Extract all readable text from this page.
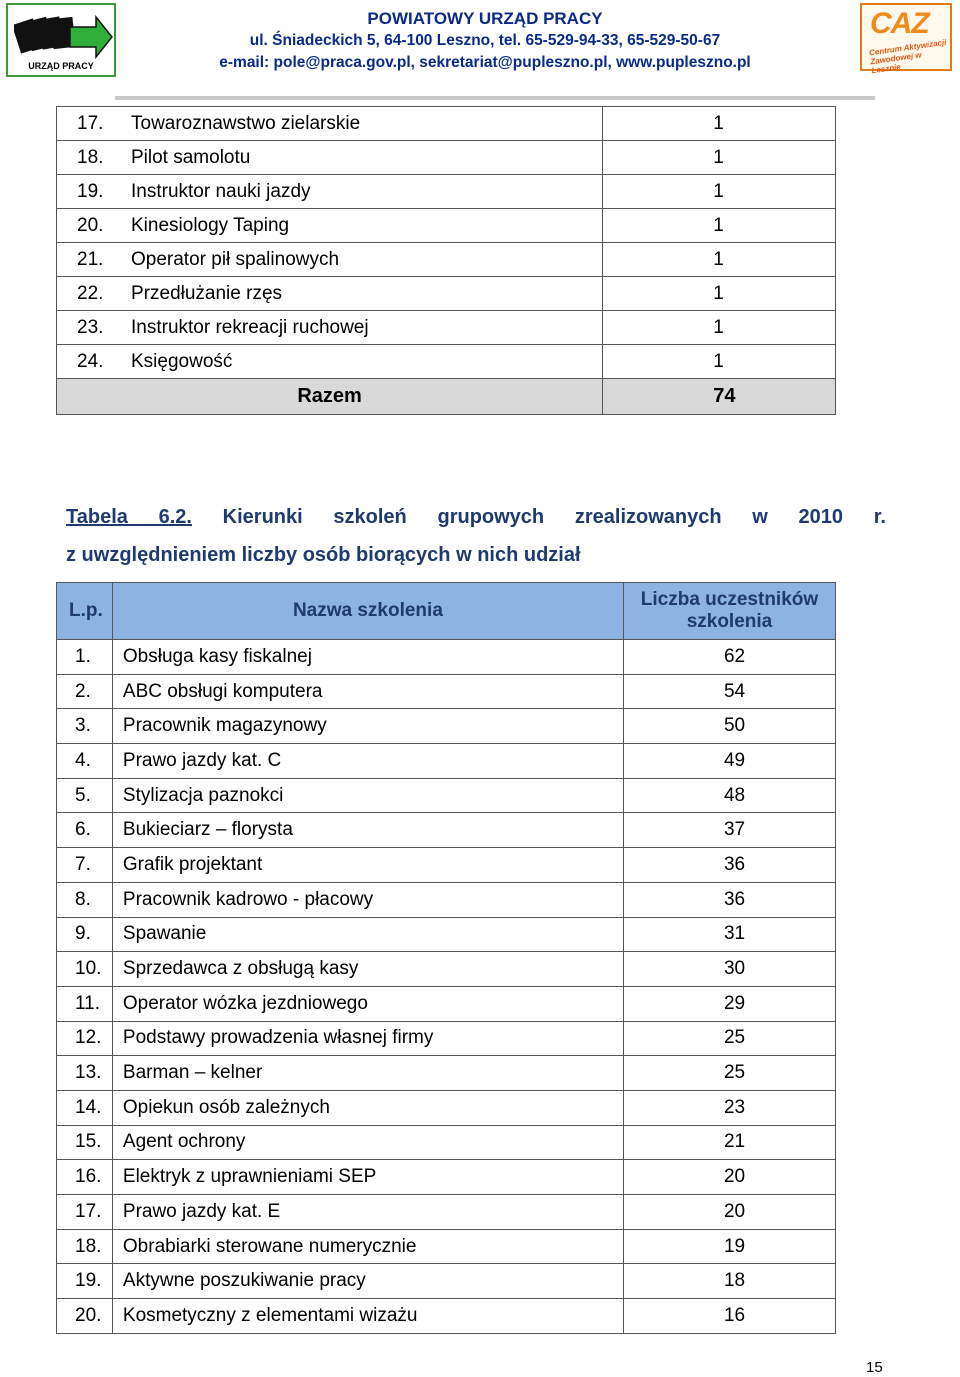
URZĄD PRACY
POWIATOWY URZĄD PRACY
ul. Śniadeckich 5, 64-100 Leszno, tel. 65-529-94-33, 65-529-50-67
e-mail: pole@praca.gov.pl, sekretariat@pupleszno.pl, www.pupleszno.pl
CAZ
Centrum Aktywizacji Zawodowej w Lesznie
17. Towaroznawstwo zielarskie	1
18. Pilot samolotu	1
19. Instruktor nauki jazdy	1
20. Kinesiology Taping	1
21. Operator pił spalinowych	1
22. Przedłużanie rzęs	1
23. Instruktor rekreacji ruchowej	1
24. Księgowość	1
Razem	74
Tabela 6.2. Kierunki szkoleń grupowych zrealizowanych w 2010 r.
z uwzględnieniem liczby osób biorących w nich udział
L.p.	Nazwa szkolenia	Liczba uczestników
szkolenia

1.	Obsługa kasy fiskalnej	62
2.	ABC obsługi komputera	54
3.	Pracownik magazynowy	50
4.	Prawo jazdy kat. C	49
5.	Stylizacja paznokci	48
6.	Bukieciarz – florysta	37
7.	Grafik projektant	36
8.	Pracownik kadrowo - płacowy	36
9.	Spawanie	31
10.	Sprzedawca z obsługą kasy	30
11.	Operator wózka jezdniowego	29
12.	Podstawy prowadzenia własnej firmy	25
13.	Barman – kelner	25
14.	Opiekun osób zależnych	23
15.	Agent ochrony	21
16.	Elektryk z uprawnieniami SEP	20
17.	Prawo jazdy kat. E	20
18.	Obrabiarki sterowane numerycznie	19
19.	Aktywne poszukiwanie pracy	18
20.	Kosmetyczny z elementami wizażu	16
15
